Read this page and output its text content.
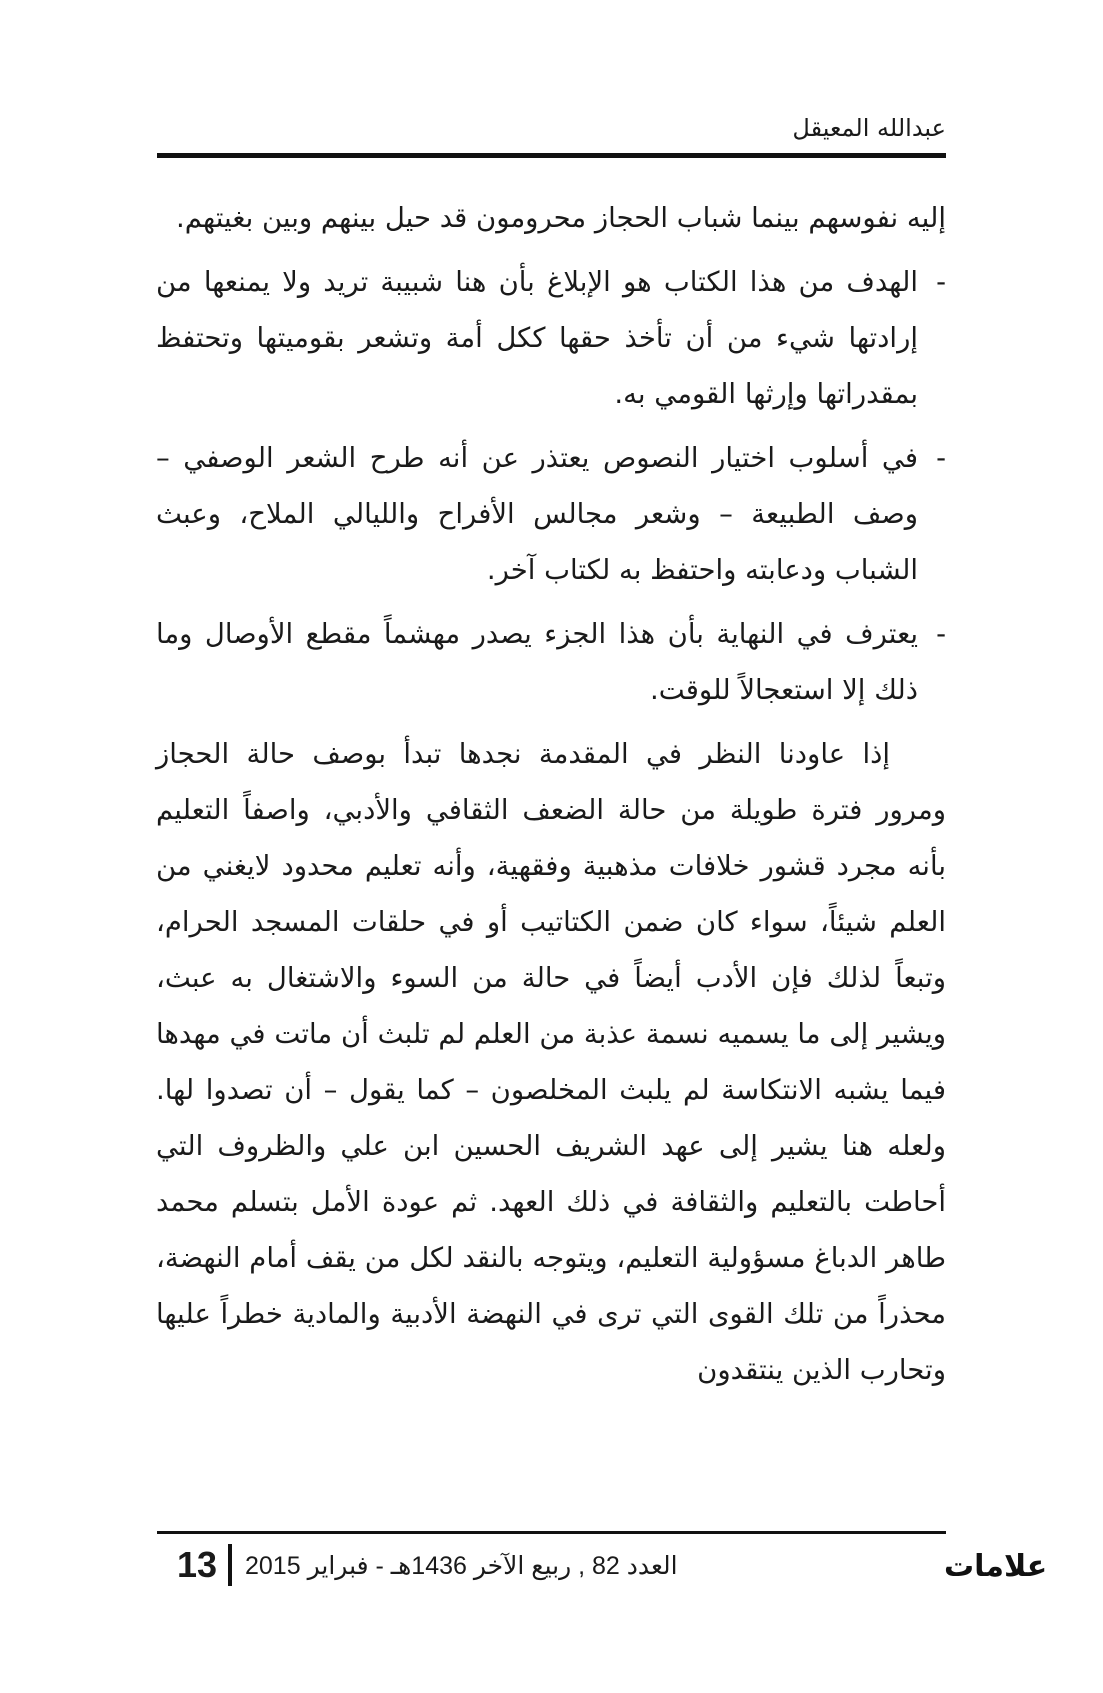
عبدالله المعيقل

إليه نفوسهم بينما شباب الحجاز محرومون قد حيل بينهم وبين بغيتهم.

-
الهدف من هذا الكتاب هو الإبلاغ بأن هنا شبيبة تريد ولا يمنعها من إرادتها شيء من أن تأخذ حقها ككل أمة وتشعر بقوميتها وتحتفظ بمقدراتها وإرثها القومي به.
-
في أسلوب اختيار النصوص يعتذر عن أنه طرح الشعر الوصفي – وصف الطبيعة – وشعر مجالس الأفراح والليالي الملاح، وعبث الشباب ودعابته واحتفظ به لكتاب آخر.
-
يعترف في النهاية بأن هذا الجزء يصدر مهشماً مقطع الأوصال وما ذلك إلا استعجالاً للوقت.

إذا عاودنا النظر في المقدمة نجدها تبدأ بوصف حالة الحجاز ومرور فترة طويلة من حالة الضعف الثقافي والأدبي، واصفاً التعليم بأنه مجرد قشور خلافات مذهبية وفقهية، وأنه تعليم محدود لايغني من العلم شيئاً، سواء كان ضمن الكتاتيب أو في حلقات المسجد الحرام، وتبعاً لذلك فإن الأدب أيضاً في حالة من السوء والاشتغال به عبث، ويشير إلى ما يسميه نسمة عذبة من العلم لم تلبث أن ماتت في مهدها فيما يشبه الانتكاسة لم يلبث المخلصون – كما يقول – أن تصدوا لها. ولعله هنا يشير إلى عهد الشريف الحسين ابن علي والظروف التي أحاطت بالتعليم والثقافة في ذلك العهد. ثم عودة الأمل بتسلم محمد طاهر الدباغ مسؤولية التعليم، ويتوجه بالنقد لكل من يقف أمام النهضة، محذراً من تلك القوى التي ترى في النهضة الأدبية والمادية خطراً عليها وتحارب الذين ينتقدون

13 العدد 82 , ربيع الآخر 1436هـ - فبراير 2015	علامات
